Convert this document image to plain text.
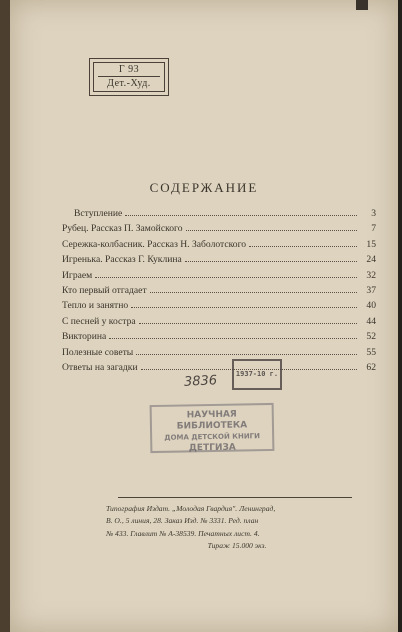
Г 93
Дет.-Худ.
СОДЕРЖАНИЕ
Вступление	3
Рубец. Рассказ П. Замойского	7
Сережка-колбасник. Рассказ Н. Заболотского	15
Игренька. Рассказ Г. Куклина	24
Играем	32
Кто первый отгадает	37
Тепло и занятно	40
С песней у костра	44
Викторина	52
Полезные советы	55
Ответы на загадки	62
3836	1937-10 г.
НАУЧНАЯ БИБЛИОТЕКА
ДОМА ДЕТСКОЙ КНИГИ
ДЕТГИЗА
Типография Издат. „Молодая Гвардия". Ленинград,
В. О., 5 линия, 28. Заказ Изд. № 3331. Ред. план
№ 433. Главлит № А-38539. Печатных лист. 4.
Тираж 15.000 экз.
